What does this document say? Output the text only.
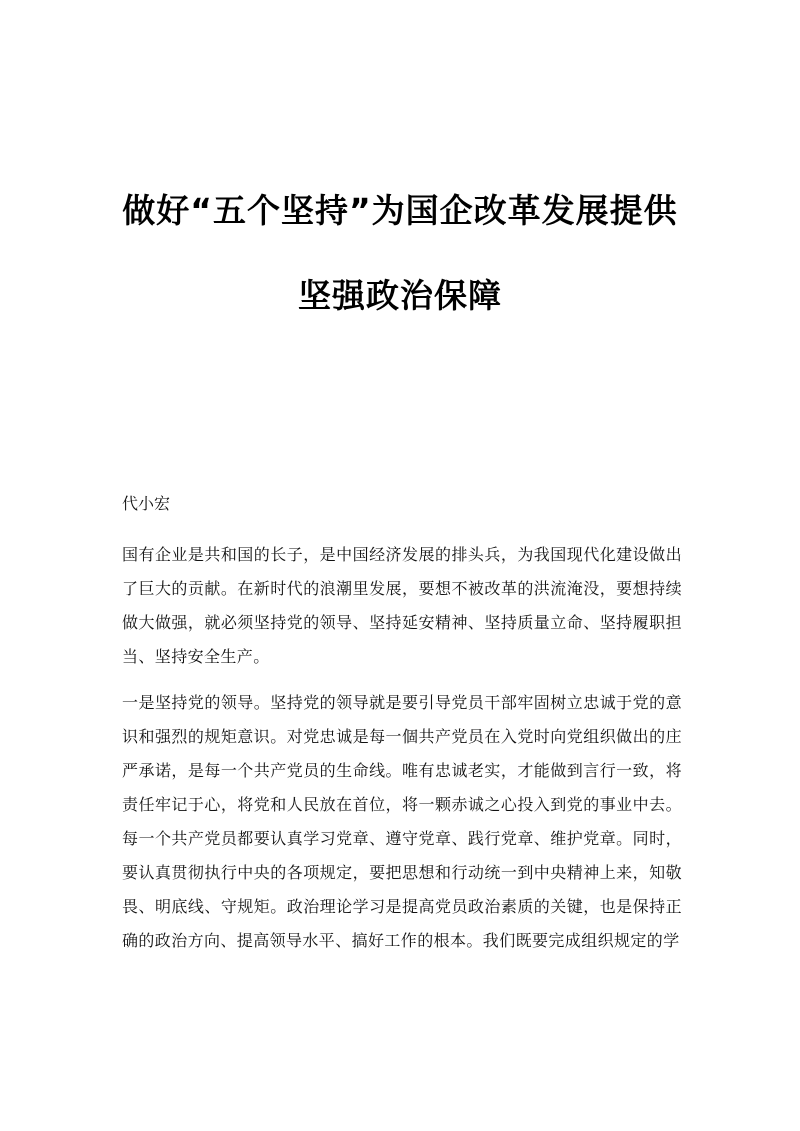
做好“五个坚持”为国企改革发展提供
坚强政治保障

代小宏

国有企业是共和国的长子，是中国经济发展的排头兵，为我国现代化建设做出了巨大的贡献。在新时代的浪潮里发展，要想不被改革的洪流淹没，要想持续做大做强，就必须坚持党的领导、坚持延安精神、坚持质量立命、坚持履职担当、坚持安全生产。

一是坚持党的领导。坚持党的领导就是要引导党员干部牢固树立忠诚于党的意识和强烈的规矩意识。对党忠诚是每一個共产党员在入党时向党组织做出的庄严承诺，是每一个共产党员的生命线。唯有忠诚老实，才能做到言行一致，将责任牢记于心，将党和人民放在首位，将一颗赤诚之心投入到党的事业中去。每一个共产党员都要认真学习党章、遵守党章、践行党章、维护党章。同时，要认真贯彻执行中央的各项规定，要把思想和行动统一到中央精神上来，知敬畏、明底线、守规矩。政治理论学习是提高党员政治素质的关键，也是保持正确的政治方向、提高领导水平、搞好工作的根本。我们既要完成组织规定的学
